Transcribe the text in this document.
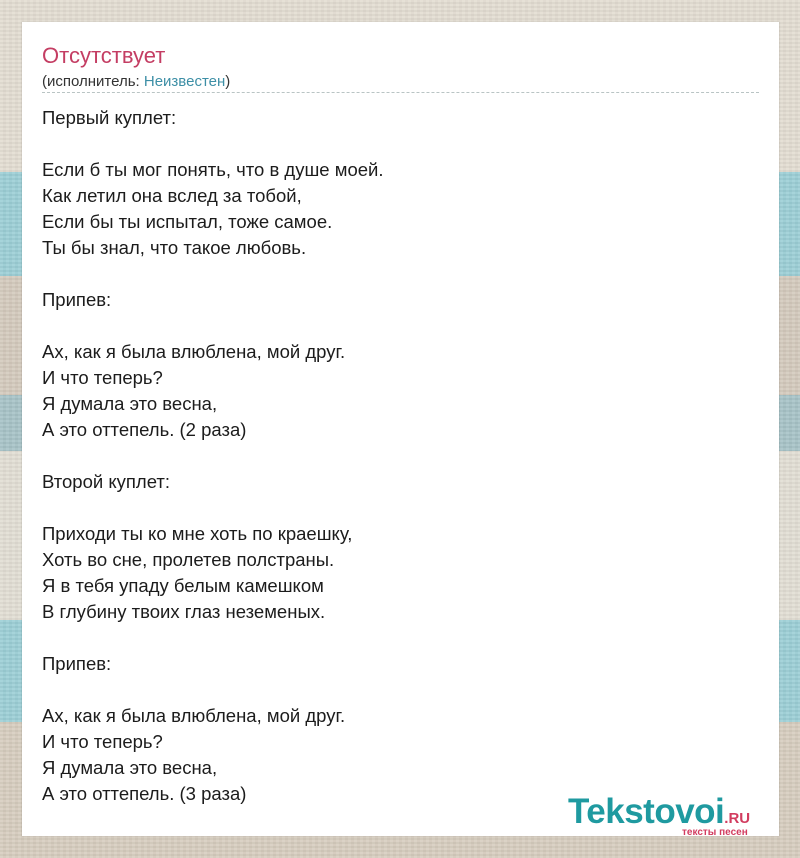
Отсутствует
(исполнитель: Неизвестен)
Первый куплет:
Если б ты мог понять, что в душе моей.
Как летил она вслед за тобой,
Если бы ты испытал, тоже самое.
Ты бы знал, что такое любовь.
Припев:
Ах, как я была влюблена, мой друг.
И что теперь?
Я думала это весна,
А это оттепель. (2 раза)
Второй куплет:
Приходи ты ко мне хоть по краешку,
Хоть во сне, пролетев полстраны.
Я в тебя упаду белым камешком
В глубину твоих глаз неземеных.
Припев:
Ах, как я была влюблена, мой друг.
И что теперь?
Я думала это весна,
А это оттепель. (3 раза)	Tekstovoi.RU
тексты песен
